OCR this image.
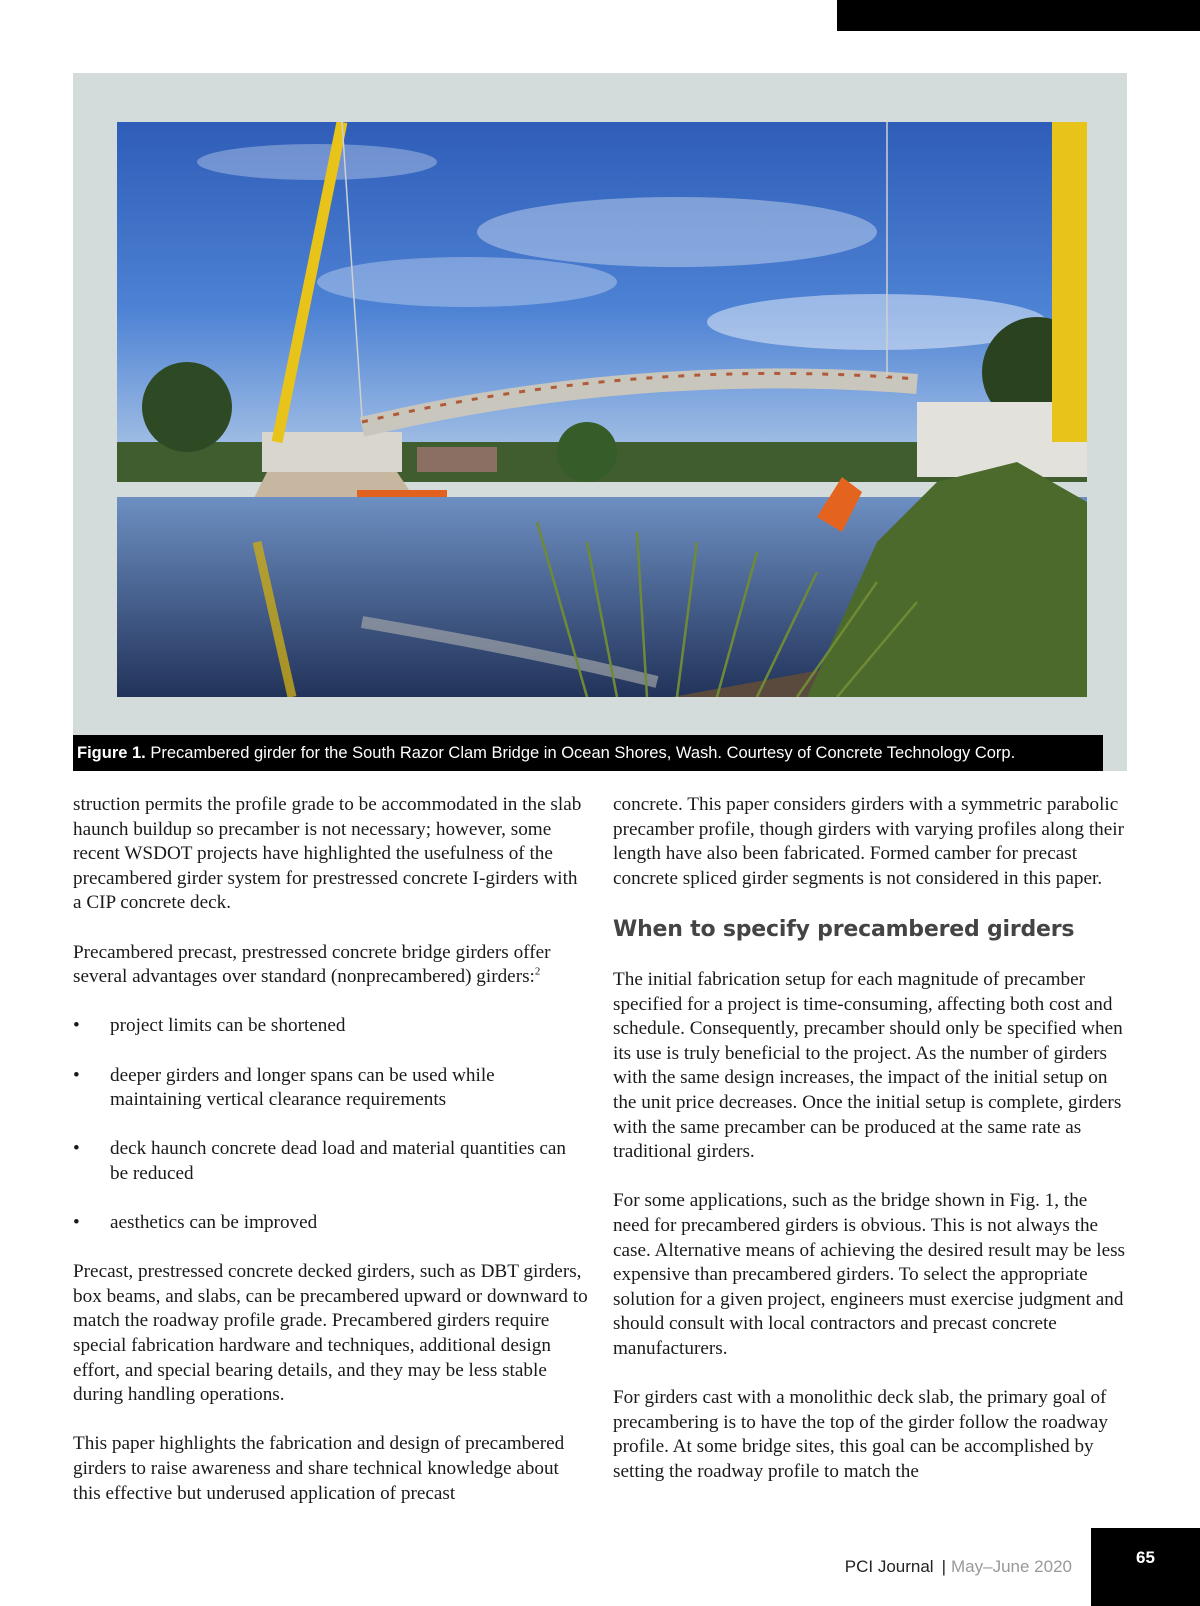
Figure 1. Precambered girder for the South Razor Clam Bridge in Ocean Shores, Wash. Courtesy of Concrete Technology Corp.

struction permits the profile grade to be accommodated in the slab haunch buildup so precamber is not necessary; however, some recent WSDOT projects have highlighted the usefulness of the precambered girder system for prestressed concrete I-girders with a CIP concrete deck.

Precambered precast, prestressed concrete bridge girders offer several advantages over standard (nonprecambered) girders:$^2$

• project limits can be shortened
• deeper girders and longer spans can be used while maintaining vertical clearance requirements
• deck haunch concrete dead load and material quantities can be reduced
• aesthetics can be improved

Precast, prestressed concrete decked girders, such as DBT girders, box beams, and slabs, can be precambered upward or downward to match the roadway profile grade. Precambered girders require special fabrication hardware and techniques, additional design effort, and special bearing details, and they may be less stable during handling operations.

This paper highlights the fabrication and design of precambered girders to raise awareness and share technical knowledge about this effective but underused application of precast

concrete. This paper considers girders with a symmetric parabolic precamber profile, though girders with varying profiles along their length have also been fabricated. Formed camber for precast concrete spliced girder segments is not considered in this paper.

When to specify precambered girders

The initial fabrication setup for each magnitude of precamber specified for a project is time-consuming, affecting both cost and schedule. Consequently, precamber should only be specified when its use is truly beneficial to the project. As the number of girders with the same design increases, the impact of the initial setup on the unit price decreases. Once the initial setup is complete, girders with the same precamber can be produced at the same rate as traditional girders.

For some applications, such as the bridge shown in Fig. 1, the need for precambered girders is obvious. This is not always the case. Alternative means of achieving the desired result may be less expensive than precambered girders. To select the appropriate solution for a given project, engineers must exercise judgment and should consult with local contractors and precast concrete manufacturers.

For girders cast with a monolithic deck slab, the primary goal of precambering is to have the top of the girder follow the roadway profile. At some bridge sites, this goal can be accomplished by setting the roadway profile to match the

PCI Journal | May–June 2020	65
